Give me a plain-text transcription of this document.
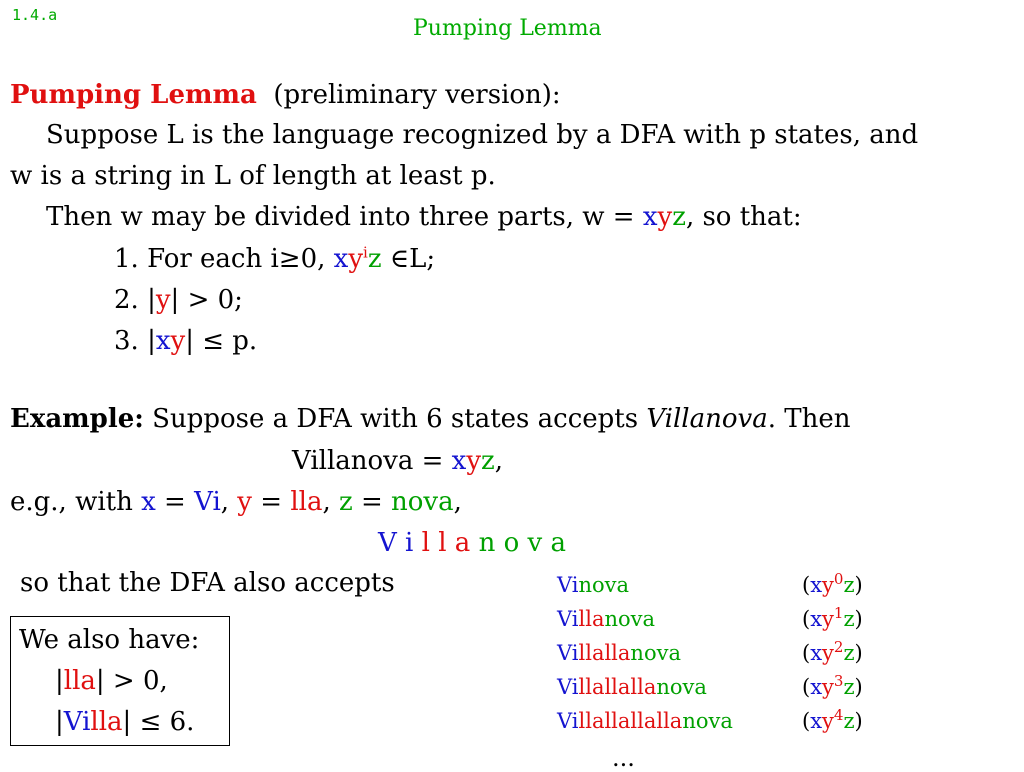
1.4.a
Pumping Lemma
Pumping Lemma (preliminary version):
Suppose L is the language recognized by a DFA with p states, and
w is a string in L of length at least p.
Then w may be divided into three parts, w = xyz, so that:
1. For each i≥0, $xy^iz$ ∈L;
2. |y| > 0;
3. |xy| ≤ p.
Example: Suppose a DFA with 6 states accepts Villanova. Then
Villanova = xyz,
e.g., with x = Vi, y = lla, z = nova,
V i l l a n o v a
so that the DFA also accepts	Vinova	$(xy^0z)$
Villanova	$(xy^1z)$
Villallanova	$(xy^2z)$
Villallallanova	$(xy^3z)$
Villallallallanova	$(xy^4z)$
...
We also have:
|lla| > 0,
|Villa| ≤ 6.
